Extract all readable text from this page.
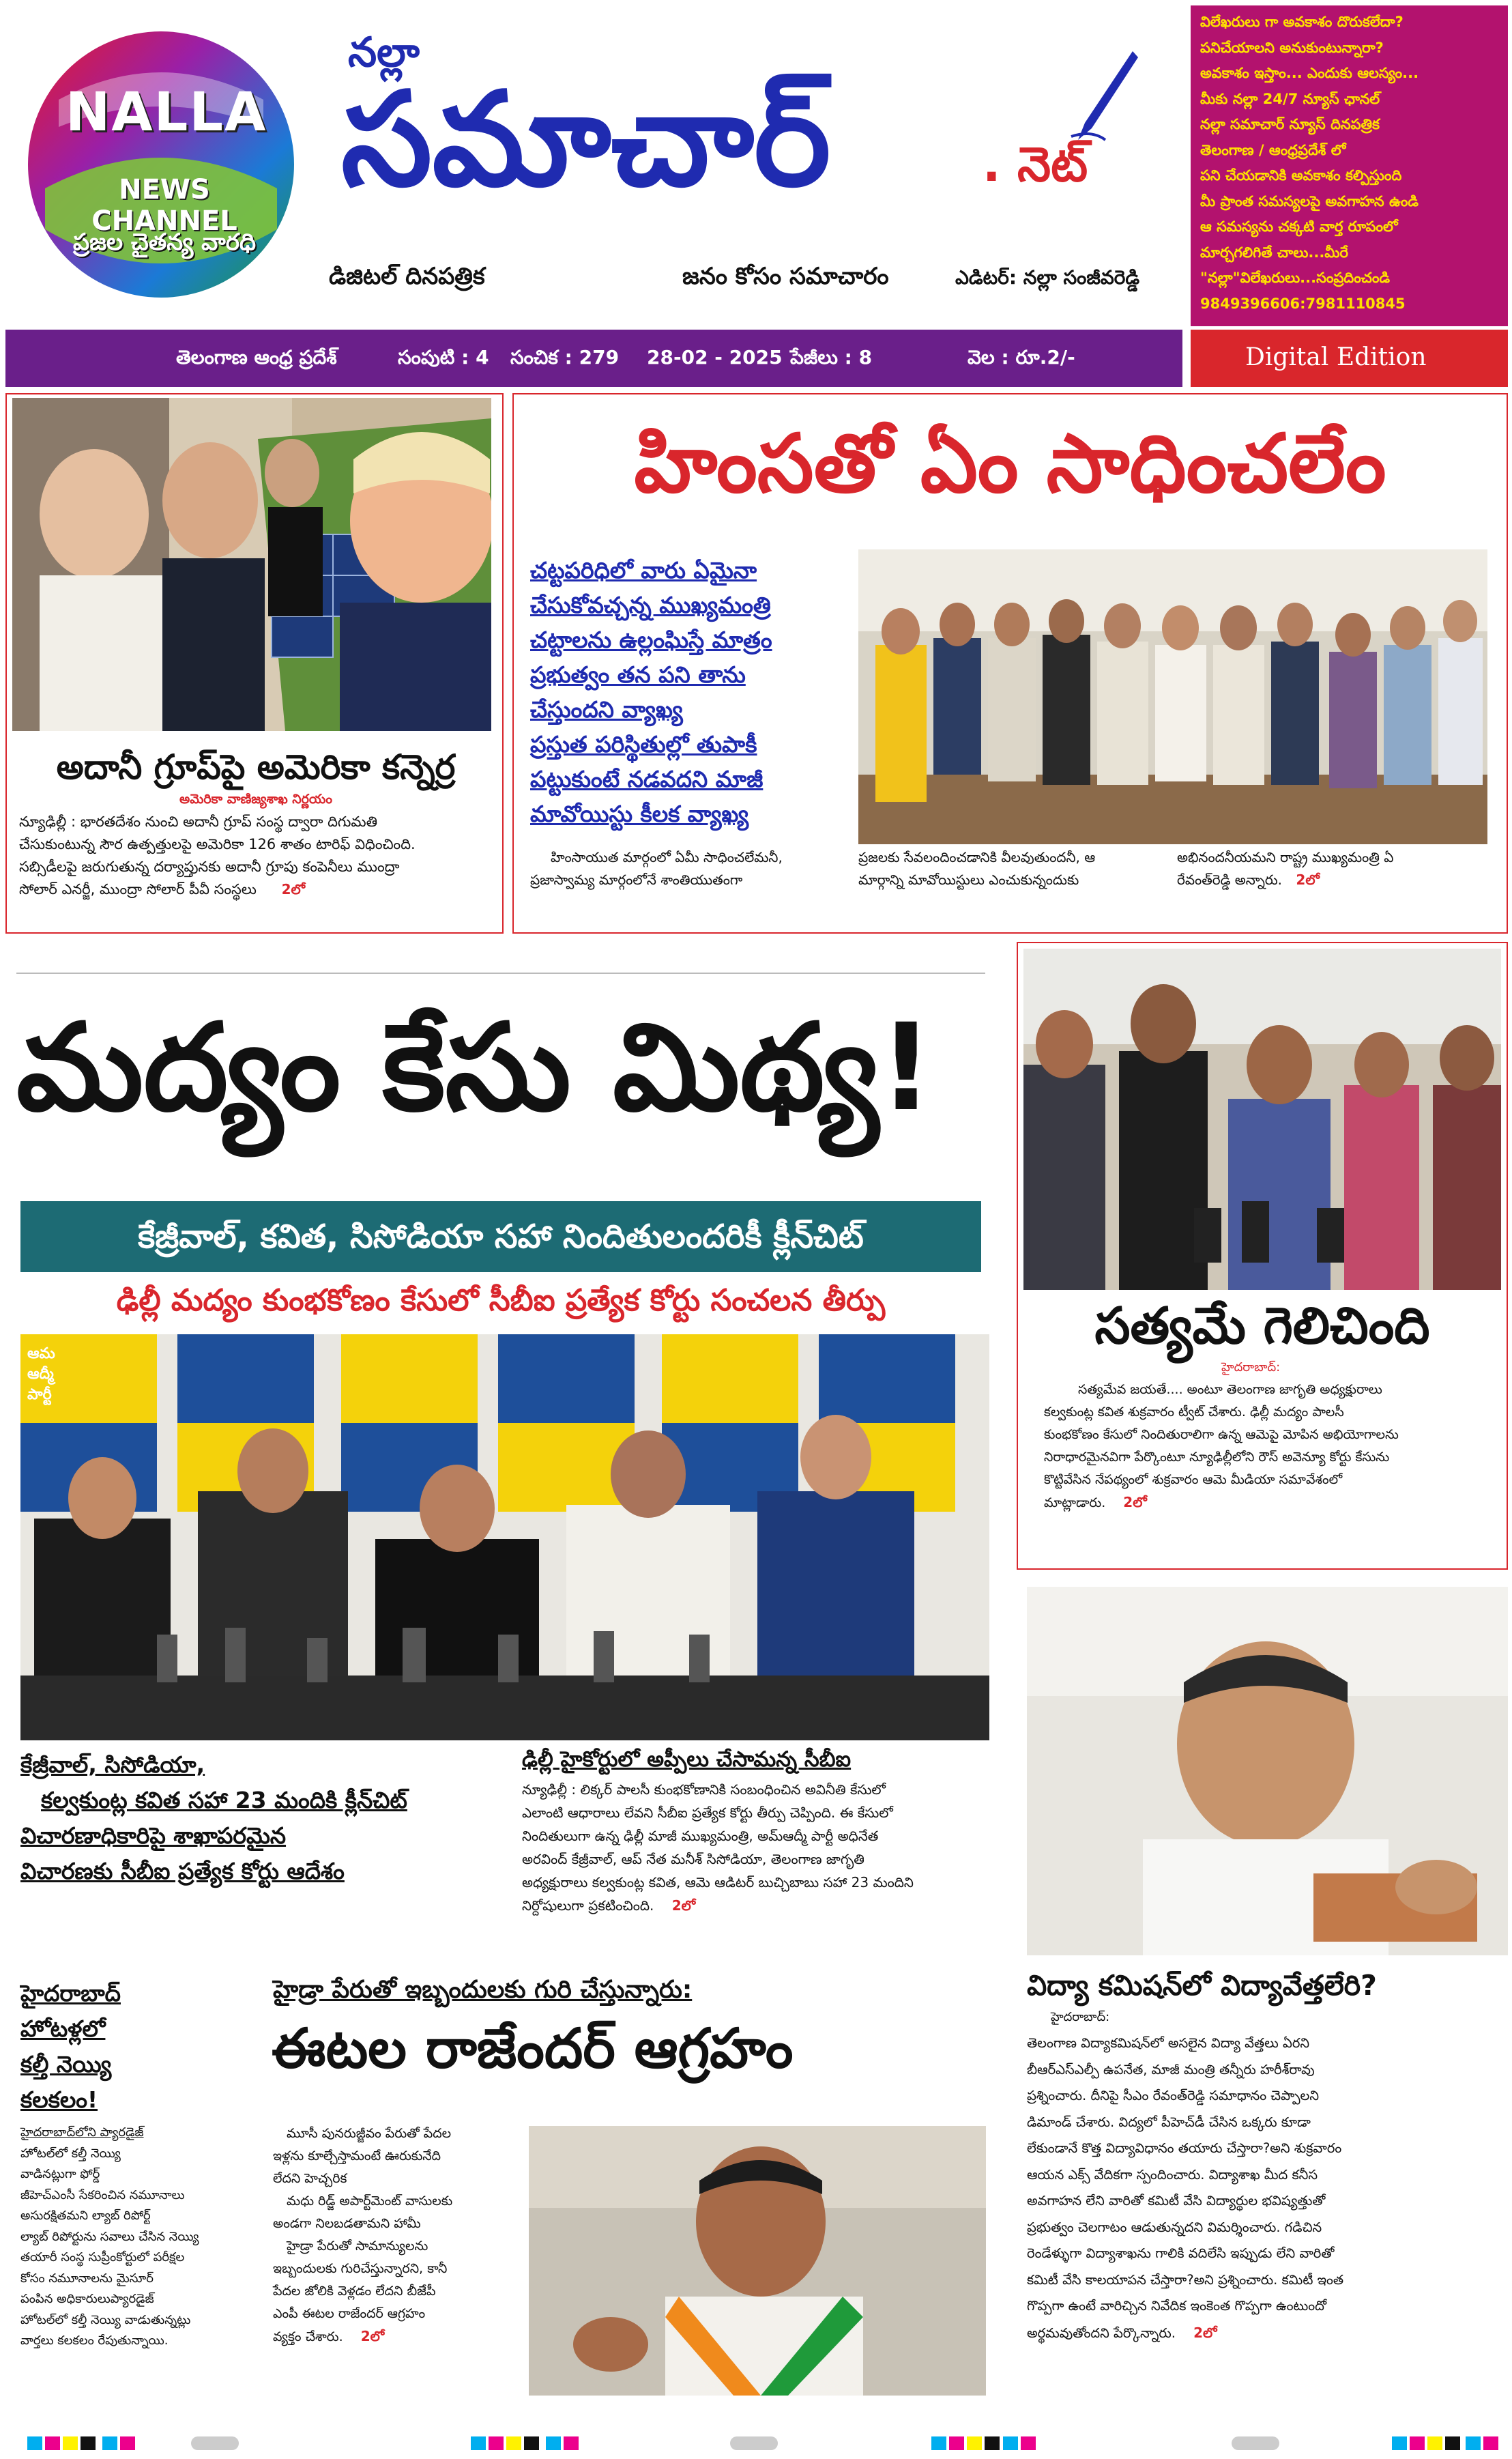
NALLA
NEWS CHANNEL
ప్రజల చైతన్య వారధి
నల్లా
సమాచార్	. నెట్
డిజిటల్ దినపత్రిక	జనం కోసం సమాచారం	ఎడిటర్: నల్లా సంజీవరెడ్డి
విలేఖరులు గా అవకాశం దొరుకలేదా?
పనిచేయాలని అనుకుంటున్నారా?
అవకాశం ఇస్తాం... ఎందుకు ఆలస్యం...
మీకు నల్లా 24/7 న్యూస్ ఛానల్
నల్లా సమాచార్ న్యూస్ దినపత్రిక
తెలంగాణ / ఆంధ్రప్రదేశ్ లో
పని చేయడానికి అవకాశం కల్పిస్తుంది
మీ ప్రాంత సమస్యలపై అవగాహన ఉండి
ఆ సమస్యను చక్కటి వార్త రూపంలో
మార్చగలిగితే చాలు...మీరే
"నల్లా"విలేఖరులు...సంప్రదించండి
9849396606:7981110845
తెలంగాణ ఆంధ్ర ప్రదేశ్	సంపుటి : 4 సంచిక : 279 28-02 - 2025 పేజీలు : 8	వెల : రూ.2/-	Digital Edition
అదానీ గ్రూప్‌పై అమెరికా కన్నెర్ర
అమెరికా వాణిజ్యశాఖ నిర్ణయం
న్యూఢిల్లీ : భారతదేశం నుంచి అదానీ గ్రూప్ సంస్థ ద్వారా దిగుమతి
చేసుకుంటున్న సౌర ఉత్పత్తులపై అమెరికా 126 శాతం టారిఫ్ విధించింది.
సబ్సిడీలపై జరుగుతున్న దర్యాప్తునకు అదానీ గ్రూపు కంపెనీలు ముంద్రా
సోలార్ ఎనర్జీ, ముంద్రా సోలార్ పీవీ సంస్థలు 2లో
హింసతో ఏం సాధించలేం
చట్టపరిధిలో వారు ఏమైనా
చేసుకోవచ్చన్న ముఖ్యమంత్రి
చట్టాలను ఉల్లంఘిస్తే మాత్రం
ప్రభుత్వం తన పని తాను
చేస్తుందని వ్యాఖ్య
ప్రస్తుత పరిస్థితుల్లో తుపాకీ
పట్టుకుంటే నడవదని మాజీ
మావోయిస్టు కీలక వ్యాఖ్య
హింసాయుత మార్గంలో ఏమీ సాధించలేమనీ,
ప్రజాస్వామ్య మార్గంలోనే శాంతియుతంగా
ప్రజలకు సేవలందించడానికి వీలవుతుందనీ, ఆ
మార్గాన్ని మావోయిస్టులు ఎంచుకున్నందుకు
అభినందనీయమని రాష్ట్ర ముఖ్యమంత్రి ఏ
రేవంత్‌రెడ్డి అన్నారు. 2లో
మద్యం కేసు మిథ్య!
కేజ్రీవాల్, కవిత, సిసోడియా సహా నిందితులందరికీ క్లీన్‌చిట్
ఢిల్లీ మద్యం కుంభకోణం కేసులో సీబీఐ ప్రత్యేక కోర్టు సంచలన తీర్పు
ఆమ
ఆద్మీ
పార్టీ
కేజ్రీవాల్, సిసోడియా,
కల్వకుంట్ల కవిత సహా 23 మందికి క్లీన్‌చిట్
విచారణాధికారిపై శాఖాపరమైన
విచారణకు సీబీఐ ప్రత్యేక కోర్టు ఆదేశం
ఢిల్లీ హైకోర్టులో అప్పీలు చేసామన్న సీబీఐ
న్యూఢిల్లీ : లిక్కర్ పాలసీ కుంభకోణానికి సంబంధించిన అవినీతి కేసులో
ఎలాంటి ఆధారాలు లేవని సీబీఐ ప్రత్యేక కోర్టు తీర్పు చెప్పింది. ఈ కేసులో
నిందితులుగా ఉన్న ఢిల్లీ మాజీ ముఖ్యమంత్రి, అమ్‌ఆద్మీ పార్టీ అధినేత
అరవింద్ కేజ్రీవాల్, ఆప్ నేత మనీశ్ సిసోడియా, తెలంగాణ జాగృతి
అధ్యక్షురాలు కల్వకుంట్ల కవిత, ఆమె ఆడిటర్ బుచ్చిబాబు సహా 23 మందిని
నిర్దోషులుగా ప్రకటించింది. 2లో
సత్యమే గెలిచింది
హైదరాబాద్:
సత్యమేవ జయతే.... అంటూ తెలంగాణ జాగృతి అధ్యక్షురాలు
కల్వకుంట్ల కవిత శుక్రవారం ట్వీట్ చేశారు. ఢిల్లీ మద్యం పాలసీ
కుంభకోణం కేసులో నిందితురాలిగా ఉన్న ఆమెపై మోపిన అభియోగాలను
నిరాధారమైనవిగా పేర్కొంటూ న్యూఢిల్లీలోని రౌస్ అవెన్యూ కోర్టు కేసును
కొట్టివేసిన నేపథ్యంలో శుక్రవారం ఆమె మీడియా సమావేశంలో
మాట్లాడారు. 2లో
హైదరాబాద్
హోటళ్లలో
కల్తీ నెయ్యి
కలకలం!
హైదరాబాద్‌లోని ప్యారడైజ్
హోటల్‌లో కల్తీ నెయ్యి
వాడినట్లుగా ఫోర్డ్
జీహెచ్‌ఎంసీ సేకరించిన నమూనాలు
అసురక్షితమని ల్యాబ్ రిపోర్ట్
ల్యాబ్ రిపోర్టును సవాలు చేసిన నెయ్యి
తయారీ సంస్థ సుప్రీంకోర్టులో పరీక్షల
కోసం నమూనాలను మైసూర్
పంపిన అధికారులుప్యారడైజ్
హోటల్‌లో కల్తీ నెయ్యి వాడుతున్నట్లు
వార్తలు కలకలం రేపుతున్నాయి.
హైడ్రా పేరుతో ఇబ్బందులకు గురి చేస్తున్నారు:
ఈటల రాజేందర్ ఆగ్రహం
మూసీ పునరుజ్జీవం పేరుతో పేదల
ఇళ్లను కూల్చేస్తామంటే ఊరుకునేది
లేదని హెచ్చరిక
మధు రిడ్జ్ అపార్ట్‌మెంట్ వాసులకు
అండగా నిలబడతామని హామీ
హైడ్రా పేరుతో సామాన్యులను
ఇబ్బందులకు గురిచేస్తున్నారని, కానీ
పేదల జోలికి వెళ్లడం లేదని బీజేపీ
ఎంపీ ఈటల రాజేందర్ ఆగ్రహం
వ్యక్తం చేశారు. 2లో
విద్యా కమిషన్‌లో విద్యావేత్తలేరి?
హైదరాబాద్:
తెలంగాణ విద్యాకమిషన్‌లో అసలైన విద్యా వేత్తలు ఏరని
బీఆర్ఎస్ఎల్పీ ఉపనేత, మాజీ మంత్రి తన్నీరు హరీశ్‌రావు
ప్రశ్నించారు. దీనిపై సీఎం రేవంత్‌రెడ్డి సమాధానం చెప్పాలని
డిమాండ్ చేశారు. విద్యలో పీహెచ్‌డీ చేసిన ఒక్కరు కూడా
లేకుండానే కొత్త విద్యావిధానం తయారు చేస్తారా?అని శుక్రవారం
ఆయన ఎక్స్ వేదికగా స్పందించారు. విద్యాశాఖ మీద కనీస
అవగాహన లేని వారితో కమిటీ వేసి విద్యార్థుల భవిష్యత్తుతో
ప్రభుత్వం చెలగాటం ఆడుతున్నదని విమర్శించారు. గడిచిన
రెండేళ్ళుగా విద్యాశాఖను గాలికి వదిలేసి ఇప్పుడు లేని వారితో
కమిటీ వేసి కాలయాపన చేస్తారా?అని ప్రశ్నించారు. కమిటీ ఇంత
గొప్పగా ఉంటే వారిచ్చిన నివేదిక ఇంకెంత గొప్పగా ఉంటుందో
అర్థమవుతోందని పేర్కొన్నారు. 2లో
